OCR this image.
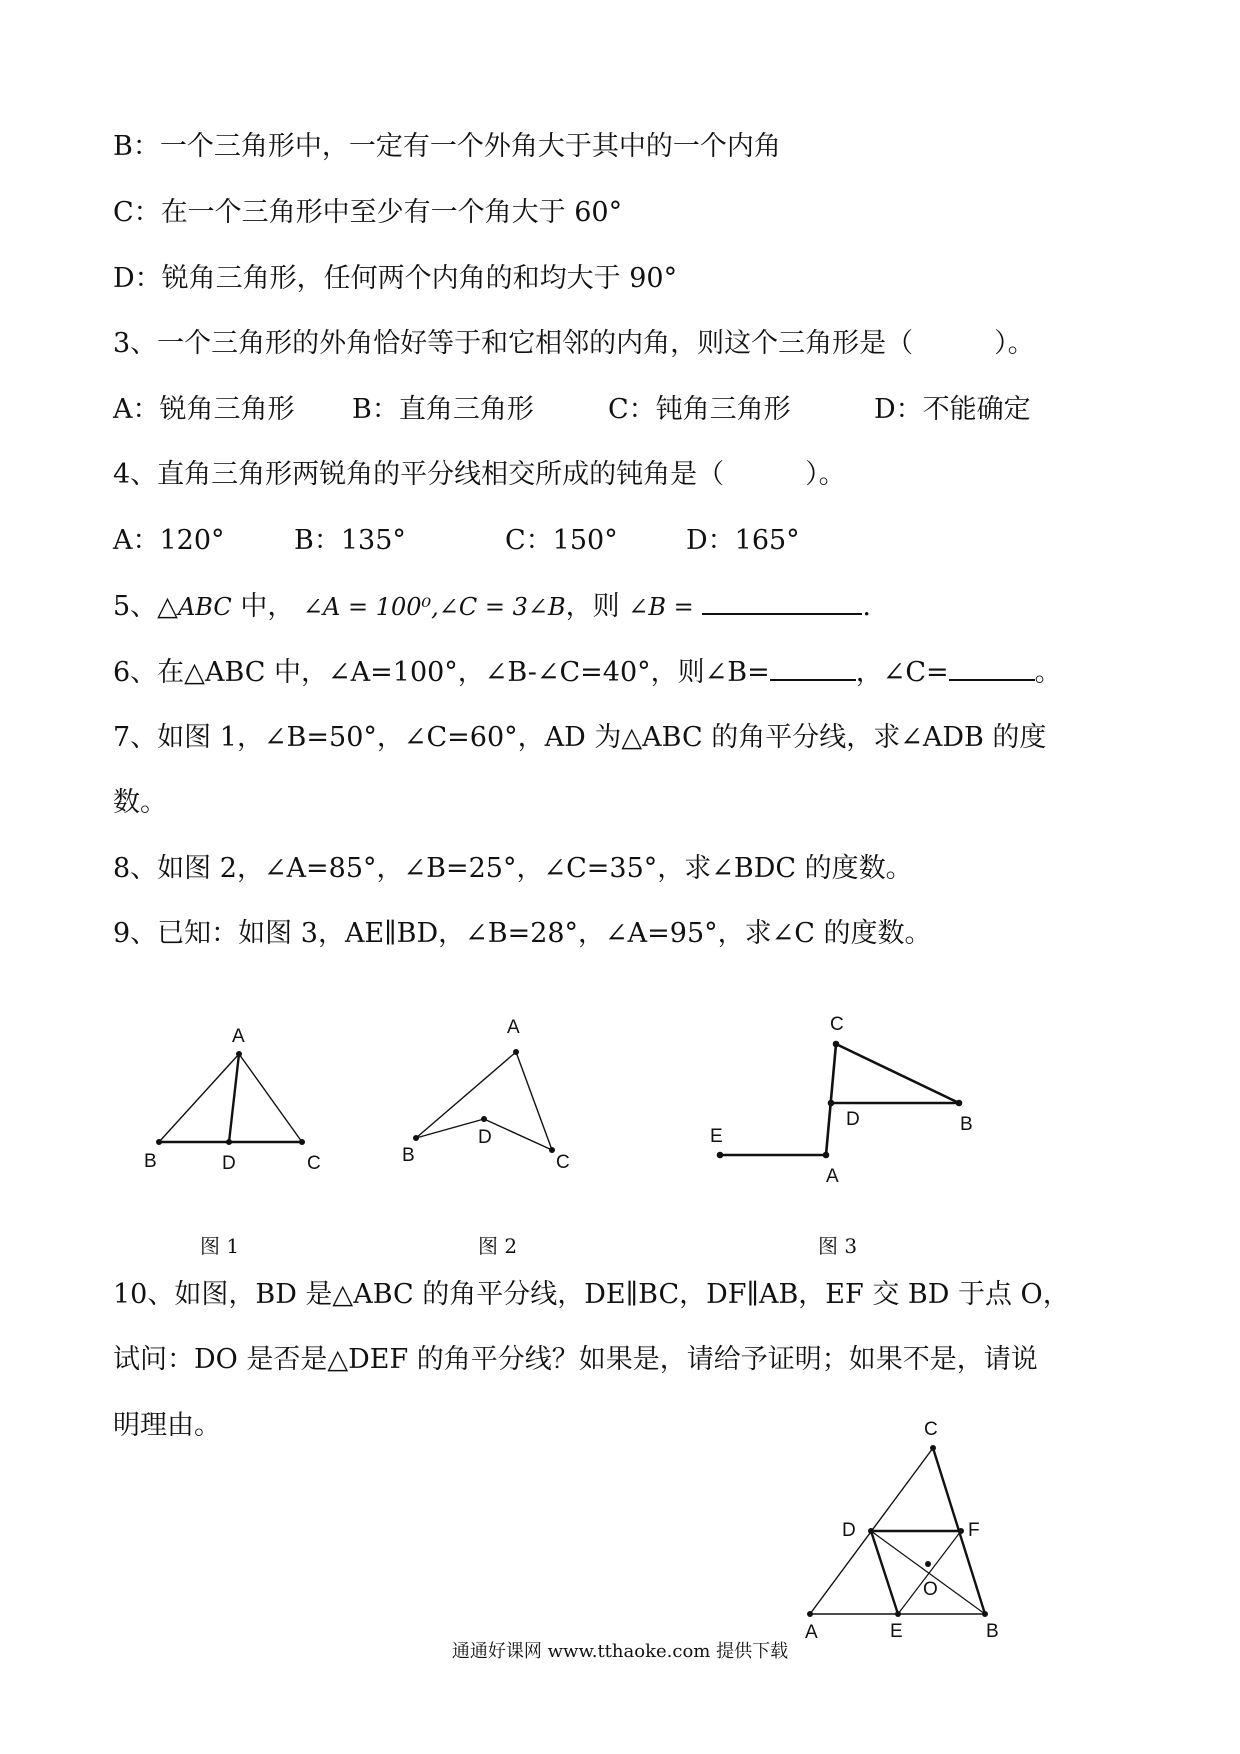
B：一个三角形中，一定有一个外角大于其中的一个内角
C：在一个三角形中至少有一个角大于 60°
D：锐角三角形，任何两个内角的和均大于 90°
3、一个三角形的外角恰好等于和它相邻的内角，则这个三角形是（　　　）。
A：锐角三角形 B：直角三角形	C：钝角三角形	D：不能确定
4、直角三角形两锐角的平分线相交所成的钝角是（　　　）。
A：120°	B：135°	C：150°	D：165°
5、△ABC 中， ∠A = 100⁰,∠C = 3∠B，则 ∠B =	.
6、在△ABC 中，∠A=100°，∠B-∠C=40°，则∠B=	，∠C=	。
7、如图 1，∠B=50°，∠C=60°，AD 为△ABC 的角平分线，求∠ADB 的度
数。
8、如图 2，∠A=85°，∠B=25°，∠C=35°，求∠BDC 的度数。
9、已知：如图 3，AE∥BD，∠B=28°，∠A=95°，求∠C 的度数。
A
B	D	C
图 1
A
B
D
C
图 2
C
D	B
E
A
图 3
10、如图，BD 是△ABC 的角平分线，DE∥BC，DF∥AB，EF 交 BD 于点 O，
试问：DO 是否是△DEF 的角平分线？如果是，请给予证明；如果不是，请说
明理由。	C
D	F
O
A	E	B
通通好课网 www.tthaoke.com 提供下载
